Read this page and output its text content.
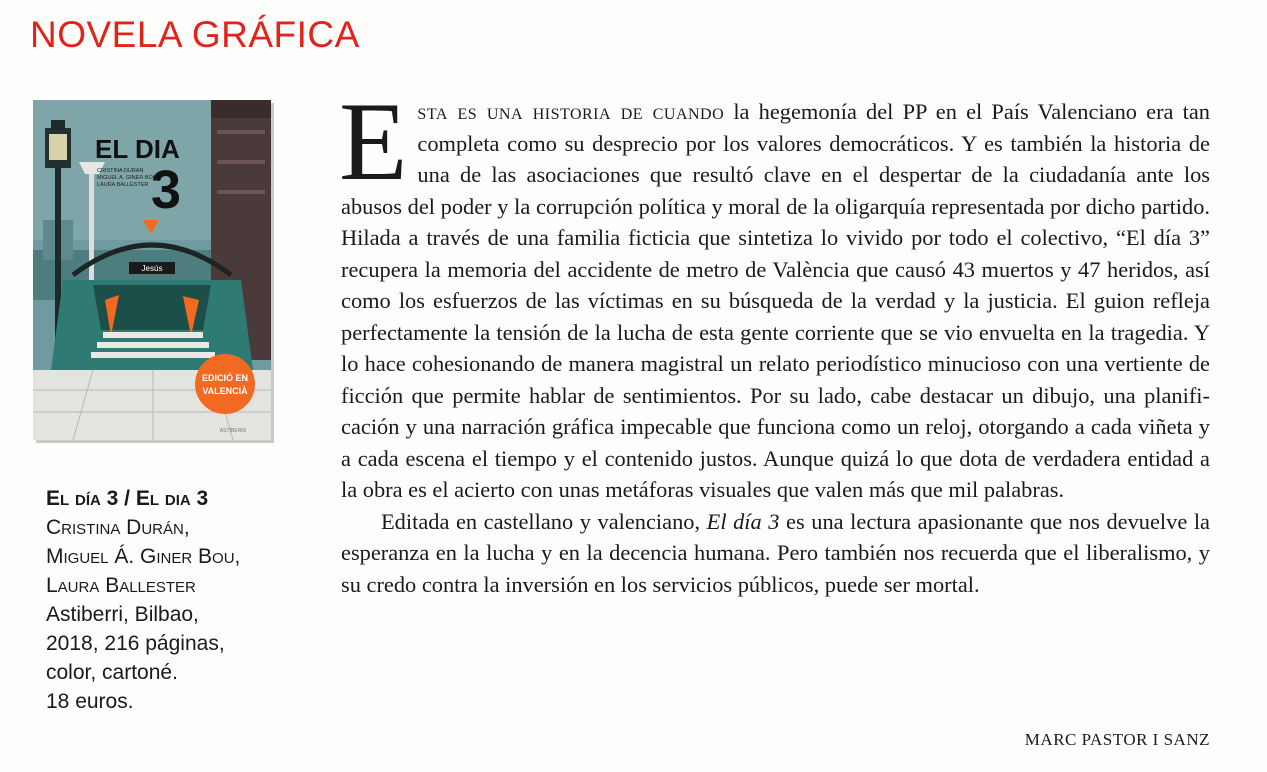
NOVELA GRÁFICA
Jesús
EL DIA
3
CRISTINA DURÁN
MIGUEL A. GINER BOU
LAURA BALLESTER
EDICIÓ EN
VALENCIÀ
ASTIBERRI
El día 3 / El dia 3
Cristina Durán,
Miguel Á. Giner Bou,
Laura Ballester
Astiberri, Bilbao,
2018, 216 páginas,
color, cartoné.
18 euros.

Esta es una historia de cuando la hegemonía del PP en el País Valenciano era tan completa como su desprecio por los valores democráticos. Y es también la historia de una de las asociaciones que resultó clave en el despertar de la ciudadanía ante los abusos del poder y la corrupción política y moral de la oligarquía representada por dicho partido. Hilada a través de una familia ficticia que sintetiza lo vivido por todo el colectivo, “El día 3” recupera la memoria del accidente de metro de València que causó 43 muertos y 47 heridos, así como los esfuerzos de las víctimas en su búsqueda de la verdad y la justicia. El guion refleja perfectamente la tensión de la lucha de esta gente corriente que se vio envuelta en la tragedia. Y lo hace cohesionando de manera magistral un relato periodístico minucioso con una vertiente de ficción que permite hablar de sentimientos. Por su lado, cabe destacar un dibujo, una planificación y una narración gráfica impecable que funciona como un reloj, otorgando a cada viñeta y a cada escena el tiempo y el contenido justos. Aunque quizá lo que dota de verdadera entidad a la obra es el acierto con unas metáforas visuales que valen más que mil palabras.

Editada en castellano y valenciano, El día 3 es una lectura apasionante que nos devuelve la esperanza en la lucha y en la decencia humana. Pero también nos recuerda que el liberalismo, y su credo contra la inversión en los servicios públicos, puede ser mortal.

MARC PASTOR I SANZ
